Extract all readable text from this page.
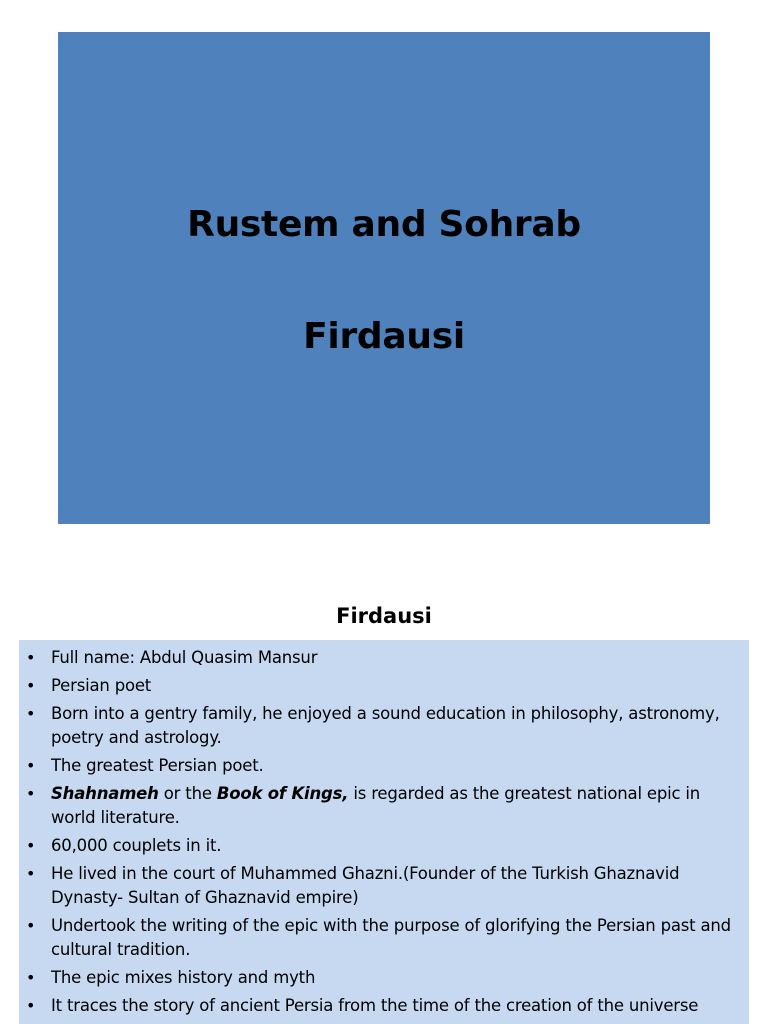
Rustem and Sohrab
Firdausi
Firdausi
• Full name: Abdul Quasim Mansur
• Persian poet
• Born into a gentry family, he enjoyed a sound education in philosophy, astronomy, poetry and astrology.
• The greatest Persian poet.
• Shahnameh or the Book of Kings, is regarded as the greatest national epic in world literature.
• 60,000 couplets in it.
• He lived in the court of Muhammed Ghazni.(Founder of the Turkish Ghaznavid Dynasty- Sultan of Ghaznavid empire)
• Undertook the writing of the epic with the purpose of glorifying the Persian past and cultural tradition.
• The epic mixes history and myth
• It traces the story of ancient Persia from the time of the creation of the universe
